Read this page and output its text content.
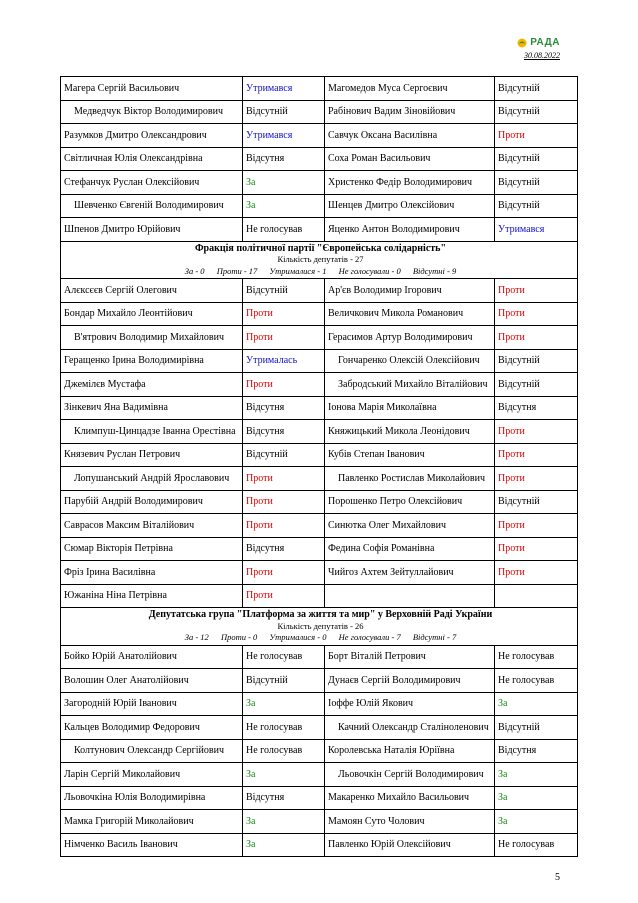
РАДА
30.08.2022
Магера Сергій Васильович	Утримався	Магомедов Муса Сергоєвич	Відсутній
Медведчук Віктор Володимирович	Відсутній	Рабінович Вадим Зіновійович	Відсутній
Разумков Дмитро Олександрович	Утримався	Савчук Оксана Василівна	Проти
Світличная Юлія Олександрівна	Відсутня	Соха Роман Васильович	Відсутній
Стефанчук Руслан Олексійович	За	Христенко Федір Володимирович	Відсутній
Шевченко Євгеній Володимирович	За	Шенцев Дмитро Олексійович	Відсутній
Шпенов Дмитро Юрійович	Не голосував	Яценко Антон Володимирович	Утримався

Фракція політичної партії "Європейська солідарність"
Кількість депутатів - 27
За - 0 Проти - 17 Утрималися - 1 Не голосували - 0 Відсутні - 9			

Алєксєєв Сергій Олегович	Відсутній	Ар'єв Володимир Ігорович	Проти
Бондар Михайло Леонтійович	Проти	Величкович Микола Романович	Проти
В'ятрович Володимир Михайлович	Проти	Герасимов Артур Володимирович	Проти
Геращенко Ірина Володимирівна	Утрималась	Гончаренко Олексій Олексійович	Відсутній
Джемілєв Мустафа	Проти	Забродський Михайло Віталійович	Відсутній
Зінкевич Яна Вадимівна	Відсутня	Іонова Марія Миколаївна	Відсутня
Климпуш-Цинцадзе Іванна Орестівна	Відсутня	Княжицький Микола Леонідович	Проти
Князевич Руслан Петрович	Відсутній	Кубів Степан Іванович	Проти
Лопушанський Андрій Ярославович	Проти	Павленко Ростислав Миколайович	Проти
Парубій Андрій Володимирович	Проти	Порошенко Петро Олексійович	Відсутній
Саврасов Максим Віталійович	Проти	Синютка Олег Михайлович	Проти
Сюмар Вікторія Петрівна	Відсутня	Федина Софія Романівна	Проти
Фріз Ірина Василівна	Проти	Чийгоз Ахтем Зейтуллайович	Проти
Южаніна Ніна Петрівна	Проти		

Депутатська група "Платформа за життя та мир" у Верховній Раді України
Кількість депутатів - 26
За - 12 Проти - 0 Утрималися - 0 Не голосували - 7 Відсутні - 7			

Бойко Юрій Анатолійович	Не голосував	Борт Віталій Петрович	Не голосував
Волошин Олег Анатолійович	Відсутній	Дунаєв Сергій Володимирович	Не голосував
Загородній Юрій Іванович	За	Іоффе Юлій Якович	За
Кальцев Володимир Федорович	Не голосував	Качний Олександр Сталіноленович	Відсутній
Колтунович Олександр Сергійович	Не голосував	Королевська Наталія Юріївна	Відсутня
Ларін Сергій Миколайович	За	Льовочкін Сергій Володимирович	За
Льовочкіна Юлія Володимирівна	Відсутня	Макаренко Михайло Васильович	За
Мамка Григорій Миколайович	За	Мамоян Суто Чолович	За
Німченко Василь Іванович	За	Павленко Юрій Олексійович	Не голосував
5
